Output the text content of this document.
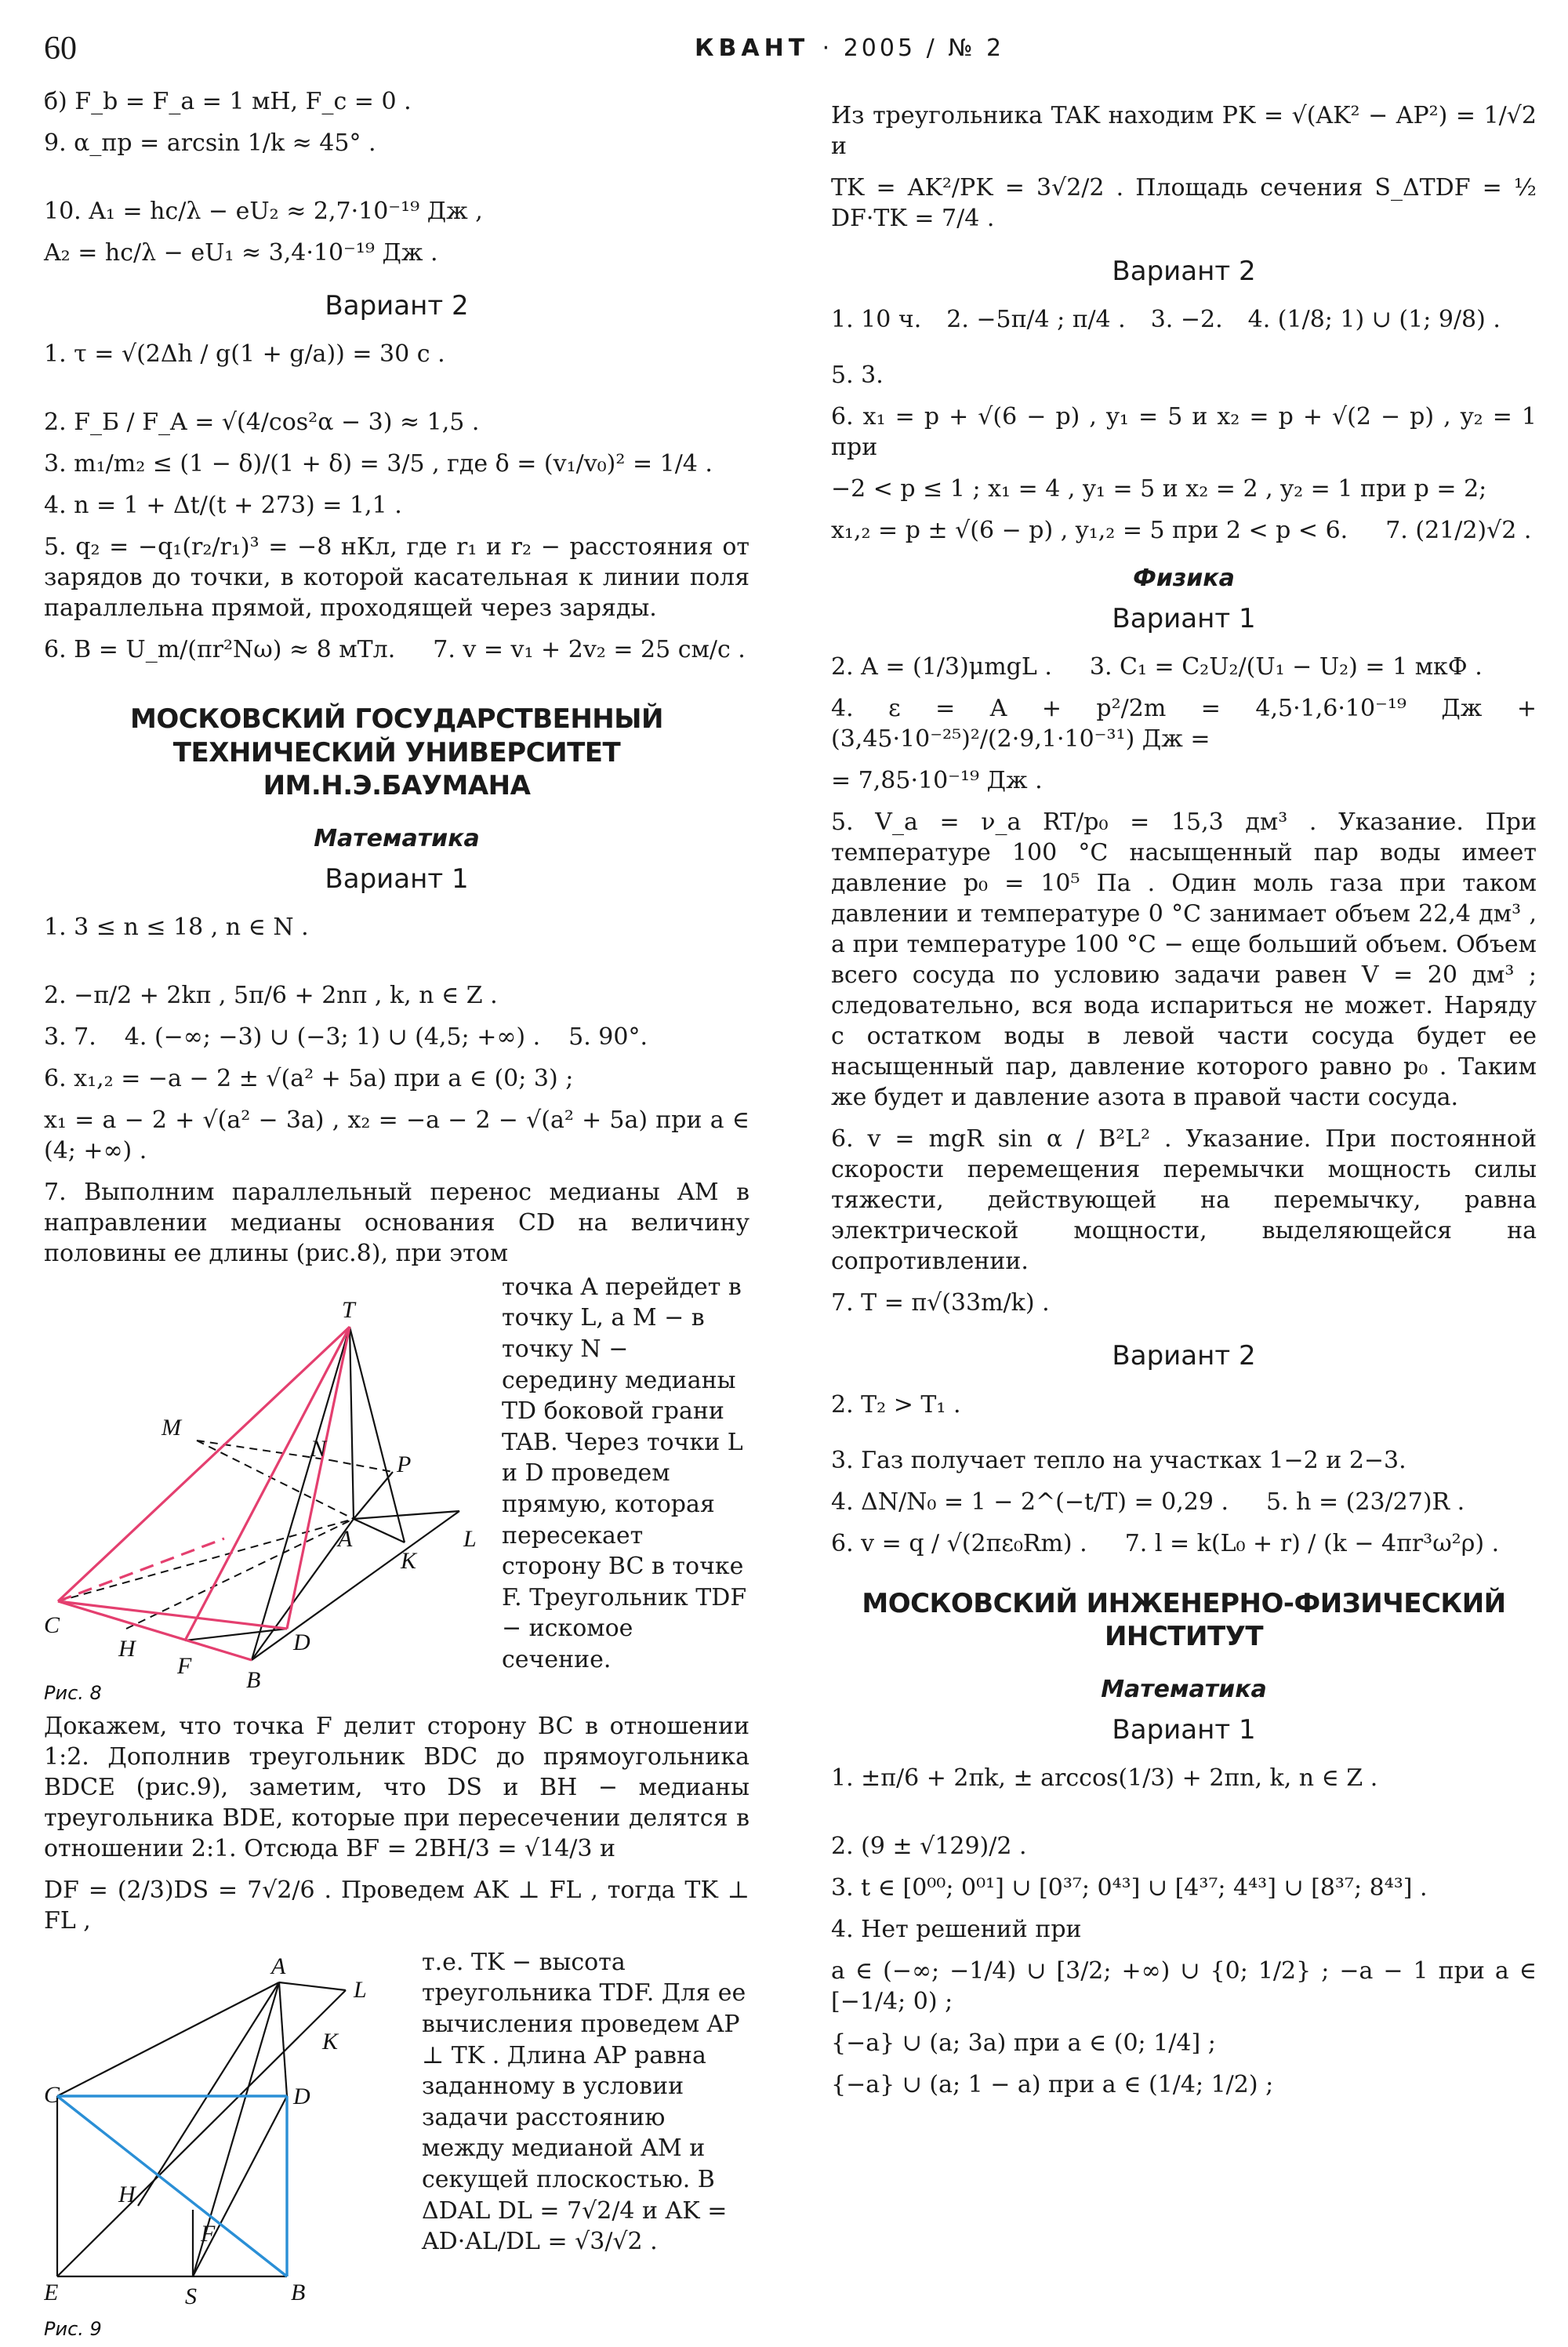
60	КВАНТ · 2005 / № 2
б) F_b = F_a = 1 мН, F_c = 0 .
9. α_пр = arcsin 1/k ≈ 45° .
10. A₁ = hc/λ − eU₂ ≈ 2,7·10⁻¹⁹ Дж ,
A₂ = hc/λ − eU₁ ≈ 3,4·10⁻¹⁹ Дж .
Вариант 2
1. τ = √(2Δh / g(1 + g/a)) = 30 с .
2. F_Б / F_A = √(4/cos²α − 3) ≈ 1,5 .
3. m₁/m₂ ≤ (1 − δ)/(1 + δ) = 3/5 , где δ = (v₁/v₀)² = 1/4 .
4. n = 1 + Δt/(t + 273) = 1,1 .
5. q₂ = −q₁(r₂/r₁)³ = −8 нКл, где r₁ и r₂ − расстояния от зарядов до точки, в которой касательная к линии поля параллельна прямой, проходящей через заряды.
6. B = U_m/(πr²Nω) ≈ 8 мТл. 7. v = v₁ + 2v₂ = 25 см/с .
МОСКОВСКИЙ ГОСУДАРСТВЕННЫЙ ТЕХНИЧЕСКИЙ УНИВЕРСИТЕТ ИМ.Н.Э.БАУМАНА
Математика
Вариант 1
1. 3 ≤ n ≤ 18 , n ∈ N .
2. −π/2 + 2kπ , 5π/6 + 2nπ , k, n ∈ Z .
3. 7. 4. (−∞; −3) ∪ (−3; 1) ∪ (4,5; +∞) . 5. 90°.
6. x₁,₂ = −a − 2 ± √(a² + 5a) при a ∈ (0; 3) ;
x₁ = a − 2 + √(a² − 3a) , x₂ = −a − 2 − √(a² + 5a) при a ∈ (4; +∞) .
7. Выполним параллельный перенос медианы AM в направлении медианы основания CD на величину половины ее длины (рис.8), при этом
T
M
N
P
A
K
L
C
H
F
D
B
Рис. 8
точка A перейдет в точку L, а M − в точку N − середину медианы TD боковой грани TAB. Через точки L и D проведем прямую, которая пересекает сторону BC в точке F. Треугольник TDF − искомое сечение.
Докажем, что точка F делит сторону BC в отношении 1:2. Дополнив треугольник BDC до прямоугольника BDCE (рис.9), заметим, что DS и BH − медианы треугольника BDE, которые при пересечении делятся в отношении 2:1. Отсюда BF = 2BH/3 = √14/3 и
DF = (2/3)DS = 7√2/6 . Проведем AK ⊥ FL , тогда TK ⊥ FL ,
A
L
K
C	D
H
F
E	S	B
Рис. 9
т.е. TK − высота треугольника TDF. Для ее вычисления проведем AP ⊥ TK . Длина AP равна заданному в условии задачи расстоянию между медианой AM и секущей плоскостью. В ΔDAL DL = 7√2/4 и AK = AD·AL/DL = √3/√2 .
Из треугольника TAK находим PK = √(AK² − AP²) = 1/√2 и
TK = AK²/PK = 3√2/2 . Площадь сечения S_ΔTDF = ½ DF·TK = 7/4 .
Вариант 2
1. 10 ч. 2. −5π/4 ; π/4 . 3. −2. 4. (1/8; 1) ∪ (1; 9/8) .
5. 3.
6. x₁ = p + √(6 − p) , y₁ = 5 и x₂ = p + √(2 − p) , y₂ = 1 при
−2 < p ≤ 1 ; x₁ = 4 , y₁ = 5 и x₂ = 2 , y₂ = 1 при p = 2;
x₁,₂ = p ± √(6 − p) , y₁,₂ = 5 при 2 < p < 6. 7. (21/2)√2 .
Физика
Вариант 1
2. A = (1/3)μmgL . 3. C₁ = C₂U₂/(U₁ − U₂) = 1 мкФ .
4. ε = A + p²/2m = 4,5·1,6·10⁻¹⁹ Дж + (3,45·10⁻²⁵)²/(2·9,1·10⁻³¹) Дж =
= 7,85·10⁻¹⁹ Дж .
5. V_a = ν_a RT/p₀ = 15,3 дм³ . Указание. При температуре 100 °С насыщенный пар воды имеет давление p₀ = 10⁵ Па . Один моль газа при таком давлении и температуре 0 °С занимает объем 22,4 дм³ , а при температуре 100 °С − еще больший объем. Объем всего сосуда по условию задачи равен V = 20 дм³ ; следовательно, вся вода испариться не может. Наряду с остатком воды в левой части сосуда будет ее насыщенный пар, давление которого равно p₀ . Таким же будет и давление азота в правой части сосуда.
6. v = mgR sin α / B²L² . Указание. При постоянной скорости перемещения перемычки мощность силы тяжести, действующей на перемычку, равна электрической мощности, выделяющейся на сопротивлении.
7. T = π√(33m/k) .
Вариант 2
2. T₂ > T₁ .
3. Газ получает тепло на участках 1−2 и 2−3.
4. ΔN/N₀ = 1 − 2^(−t/T) = 0,29 . 5. h = (23/27)R .
6. v = q / √(2πε₀Rm) . 7. l = k(L₀ + r) / (k − 4πr³ω²ρ) .
МОСКОВСКИЙ ИНЖЕНЕРНО-ФИЗИЧЕСКИЙ ИНСТИТУТ
Математика
Вариант 1
1. ±π/6 + 2πk, ± arccos(1/3) + 2πn, k, n ∈ Z .
2. (9 ± √129)/2 .
3. t ∈ [0⁰⁰; 0⁰¹] ∪ [0³⁷; 0⁴³] ∪ [4³⁷; 4⁴³] ∪ [8³⁷; 8⁴³] .
4. Нет решений при
a ∈ (−∞; −1/4) ∪ [3/2; +∞) ∪ {0; 1/2} ; −a − 1 при a ∈ [−1/4; 0) ;
{−a} ∪ (a; 3a) при a ∈ (0; 1/4] ;
{−a} ∪ (a; 1 − a) при a ∈ (1/4; 1/2) ;
